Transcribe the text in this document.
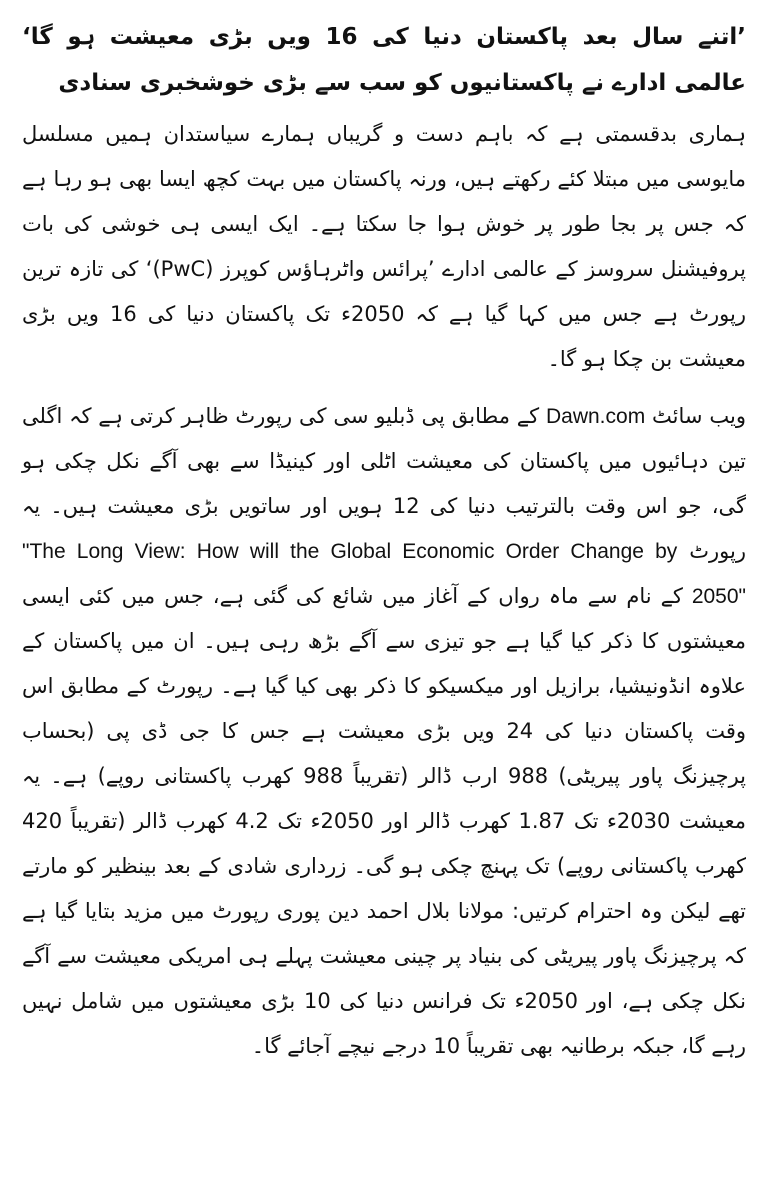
’اتنے سال بعد پاکستان دنیا کی 16 ویں بڑی معیشت ہو گا‘ عالمی ادارے نے پاکستانیوں کو سب سے بڑی خوشخبری سنادی

ہماری بدقسمتی ہے کہ باہم دست و گریباں ہمارے سیاستدان ہمیں مسلسل مایوسی میں مبتلا کئے رکھتے ہیں، ورنہ پاکستان میں بہت کچھ ایسا بھی ہو رہا ہے کہ جس پر بجا طور پر خوش ہوا جا سکتا ہے۔ ایک ایسی ہی خوشی کی بات پروفیشنل سروسز کے عالمی ادارے ’پرائس واٹرہاؤس کوپرز (PwC)‘ کی تازہ ترین رپورٹ ہے جس میں کہا گیا ہے کہ 2050ء تک پاکستان دنیا کی 16 ویں بڑی معیشت بن چکا ہو گا۔

ویب سائٹ Dawn.com کے مطابق پی ڈبلیو سی کی رپورٹ ظاہر کرتی ہے کہ اگلی تین دہائیوں میں پاکستان کی معیشت اٹلی اور کینیڈا سے بھی آگے نکل چکی ہو گی، جو اس وقت بالترتیب دنیا کی 12 ہویں اور ساتویں بڑی معیشت ہیں۔ یہ رپورٹ "The Long View: How will the Global Economic Order Change by 2050" کے نام سے ماہ رواں کے آغاز میں شائع کی گئی ہے، جس میں کئی ایسی معیشتوں کا ذکر کیا گیا ہے جو تیزی سے آگے بڑھ رہی ہیں۔ ان میں پاکستان کے علاوہ انڈونیشیا، برازیل اور میکسیکو کا ذکر بھی کیا گیا ہے۔ رپورٹ کے مطابق اس وقت پاکستان دنیا کی 24 ویں بڑی معیشت ہے جس کا جی ڈی پی (بحساب پرچیزنگ پاور پیریٹی) 988 ارب ڈالر (تقریباً 988 کھرب پاکستانی روپے) ہے۔ یہ معیشت 2030ء تک 1.87 کھرب ڈالر اور 2050ء تک 4.2 کھرب ڈالر (تقریباً 420 کھرب پاکستانی روپے) تک پہنچ چکی ہو گی۔ زرداری شادی کے بعد بینظیر کو مارتے تھے لیکن وہ احترام کرتیں: مولانا بلال احمد دین پوری رپورٹ میں مزید بتایا گیا ہے کہ پرچیزنگ پاور پیریٹی کی بنیاد پر چینی معیشت پہلے ہی امریکی معیشت سے آگے نکل چکی ہے، اور 2050ء تک فرانس دنیا کی 10 بڑی معیشتوں میں شامل نہیں رہے گا، جبکہ برطانیہ بھی تقریباً 10 درجے نیچے آجائے گا۔
